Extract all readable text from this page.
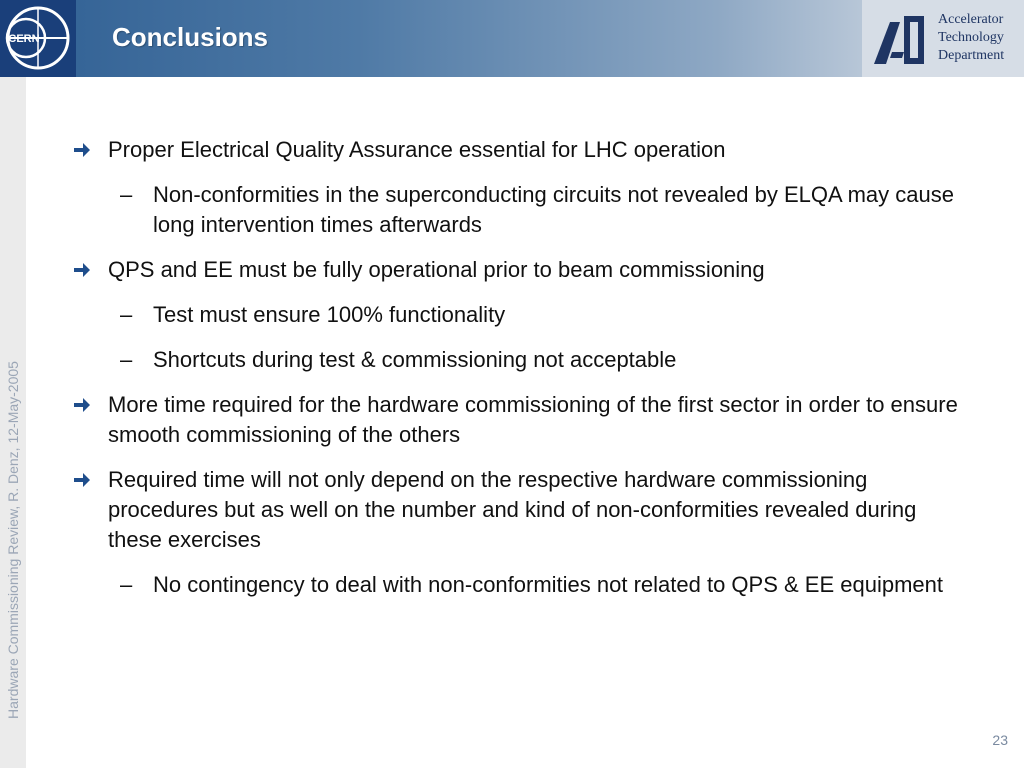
CERN	Conclusions
Accelerator
Technology
Department
Hardware Commissioning Review, R. Denz, 12-May-2005
Proper Electrical Quality Assurance essential for LHC operation
– Non-conformities in the superconducting circuits not revealed by ELQA may cause long intervention times afterwards
QPS and EE must be fully operational prior to beam commissioning
– Test must ensure 100% functionality
– Shortcuts during test & commissioning not acceptable
More time required for the hardware commissioning of the first sector in order to ensure smooth commissioning of the others
Required time will not only depend on the respective hardware commissioning procedures but as well on the number and kind of non-conformities revealed during these exercises
– No contingency to deal with non-conformities not related to QPS & EE equipment
23
